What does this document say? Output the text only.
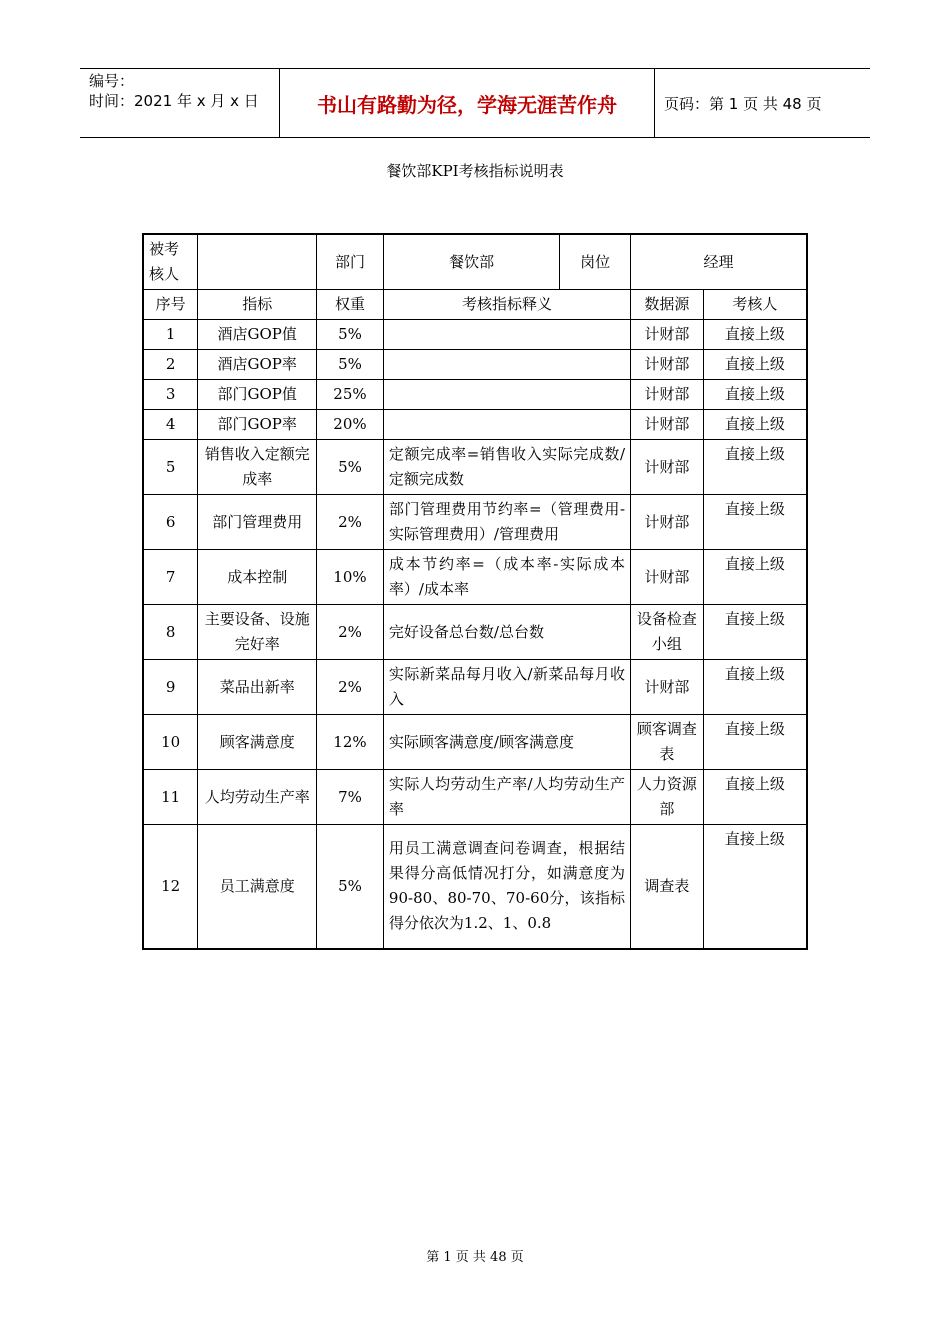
编号：
时间：2021 年 x 月 x 日	书山有路勤为径，学海无涯苦作舟	页码：第 1 页 共 48 页
餐饮部KPI考核指标说明表
被考核人		部门	餐饮部	岗位	经理	
序号	指标	权重	考核指标释义		数据源	考核人
1	酒店GOP值	5%			计财部	直接上级
2	酒店GOP率	5%			计财部	直接上级
3	部门GOP值	25%			计财部	直接上级
4	部门GOP率	20%			计财部	直接上级
5	销售收入定额完成率	5%	定额完成率=销售收入实际完成数/定额完成数		计财部	直接上级
6	部门管理费用	2%	部门管理费用节约率=（管理费用-实际管理费用）/管理费用		计财部	直接上级
7	成本控制	10%	成本节约率=（成本率-实际成本率）/成本率		计财部	直接上级
8	主要设备、设施完好率	2%	完好设备总台数/总台数		设备检查小组	直接上级
9	菜品出新率	2%	实际新菜品每月收入/新菜品每月收入		计财部	直接上级
10	顾客满意度	12%	实际顾客满意度/顾客满意度		顾客调查表	直接上级
11	人均劳动生产率	7%	实际人均劳动生产率/人均劳动生产率		人力资源部	直接上级
12	员工满意度	5%	用员工满意调查问卷调查，根据结果得分高低情况打分，如满意度为90-80、80-70、70-60分，该指标得分依次为1.2、1、0.8		调查表	直接上级
第 1 页 共 48 页
